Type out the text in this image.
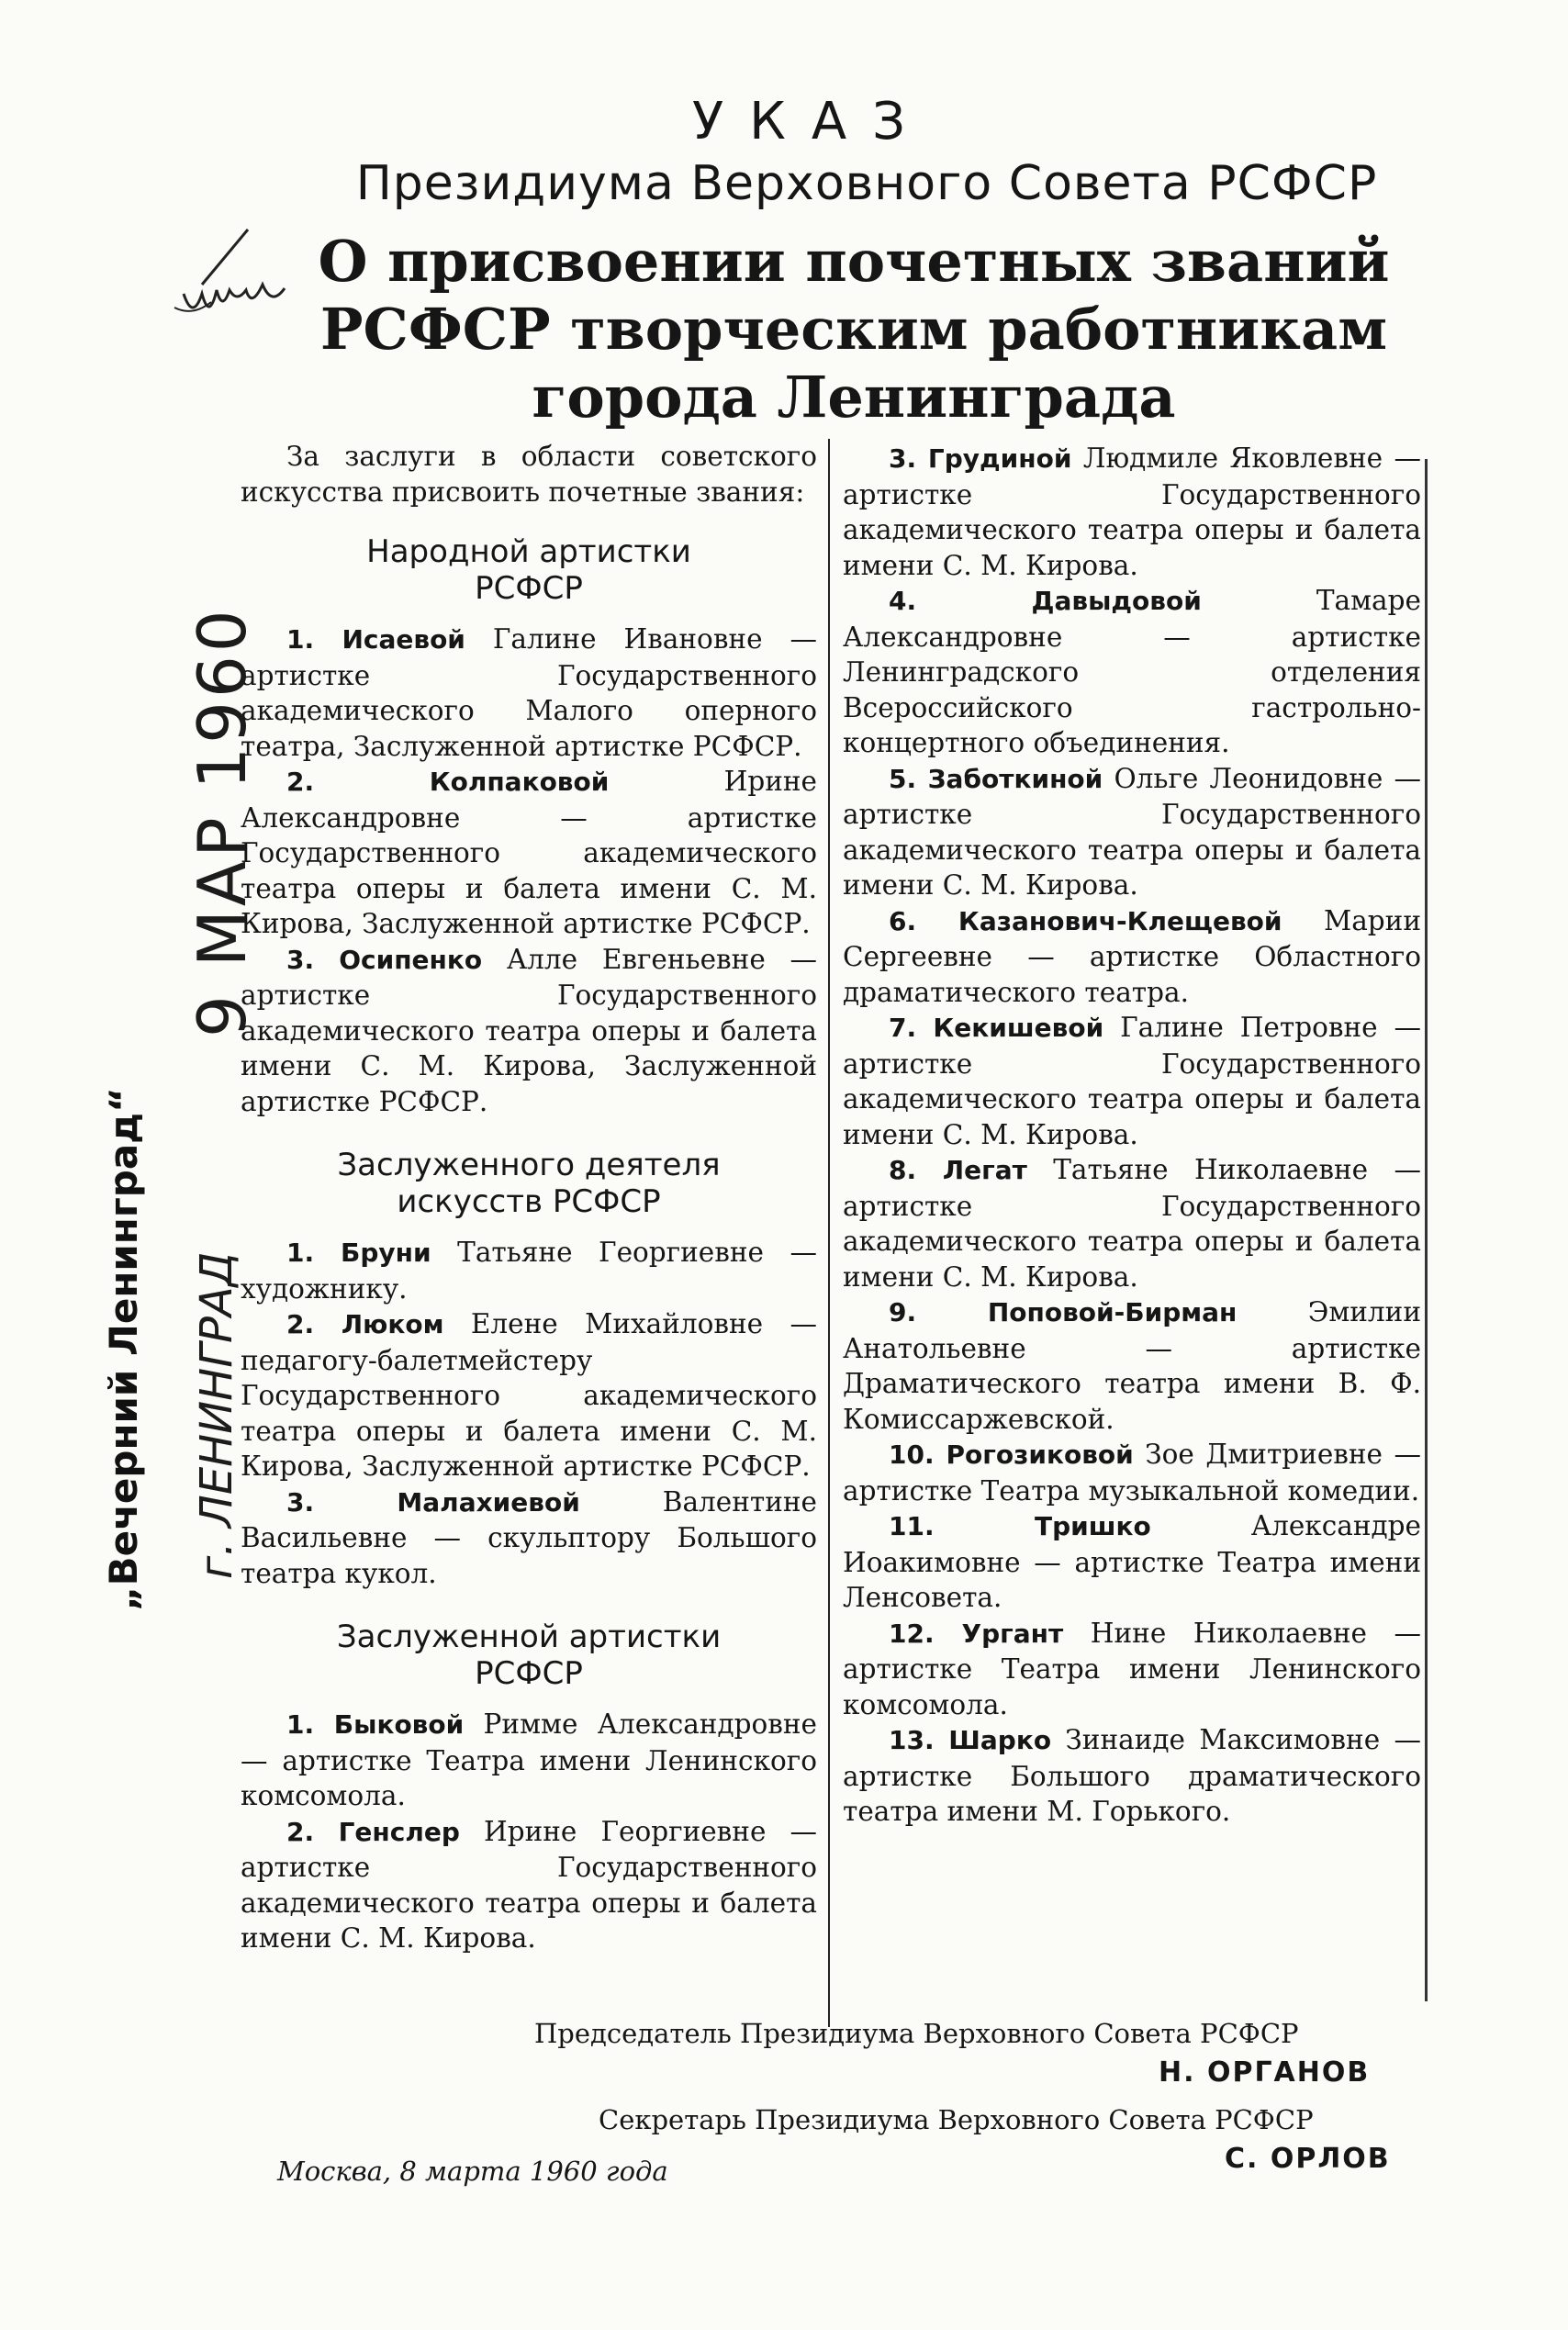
УКАЗ
Президиума Верховного Совета РСФСР
О присвоении почетных званий
РСФСР творческим работникам
города Ленинграда

За заслуги в области советского искусства присвоить почетные звания:

Народной артистки
РСФСР

1. Исаевой Галине Ивановне — артистке Государственного академического Малого оперного театра, Заслуженной артистке РСФСР.

2. Колпаковой Ирине Александровне — артистке Государственного академического театра оперы и балета имени С. М. Кирова, Заслуженной артистке РСФСР.

3. Осипенко Алле Евгеньевне — артистке Государственного академического театра оперы и балета имени С. М. Кирова, Заслуженной артистке РСФСР.

Заслуженного деятеля
искусств РСФСР

1. Бруни Татьяне Георгиевне — художнику.

2. Люком Елене Михайловне — педагогу-балетмейстеру Государственного академического театра оперы и балета имени С. М. Кирова, Заслуженной артистке РСФСР.

3. Малахиевой Валентине Васильевне — скульптору Большого театра кукол.

Заслуженной артистки
РСФСР

1. Быковой Римме Александровне — артистке Театра имени Ленинского комсомола.

2. Генслер Ирине Георгиевне — артистке Государственного академического театра оперы и балета имени С. М. Кирова.

3. Грудиной Людмиле Яковлевне — артистке Государственного академического театра оперы и балета имени С. М. Кирова.

4. Давыдовой Тамаре Александровне — артистке Ленинградского отделения Всероссийского гастрольно-концертного объединения.

5. Заботкиной Ольге Леонидовне — артистке Государственного академического театра оперы и балета имени С. М. Кирова.

6. Казанович-Клещевой Марии Сергеевне — артистке Областного драматического театра.

7. Кекишевой Галине Петровне — артистке Государственного академического театра оперы и балета имени С. М. Кирова.

8. Легат Татьяне Николаевне — артистке Государственного академического театра оперы и балета имени С. М. Кирова.

9. Поповой-Бирман Эмилии Анатольевне — артистке Драматического театра имени В. Ф. Комиссаржевской.

10. Рогозиковой Зое Дмитриевне — артистке Театра музыкальной комедии.

11. Тришко Александре Иоакимовне — артистке Театра имени Ленсовета.

12. Ургант Нине Николаевне — артистке Театра имени Ленинского комсомола.

13. Шарко Зинаиде Максимовне — артистке Большого драматического театра имени М. Горького.

Председатель Президиума Верховного Совета РСФСР
Н. ОРГАНОВ
Секретарь Президиума Верховного Совета РСФСР
С. ОРЛОВ
Москва, 8 марта 1960 года
9 МАР 1960
г. ЛЕНИНГРАД
„Вечерний Ленинград“
